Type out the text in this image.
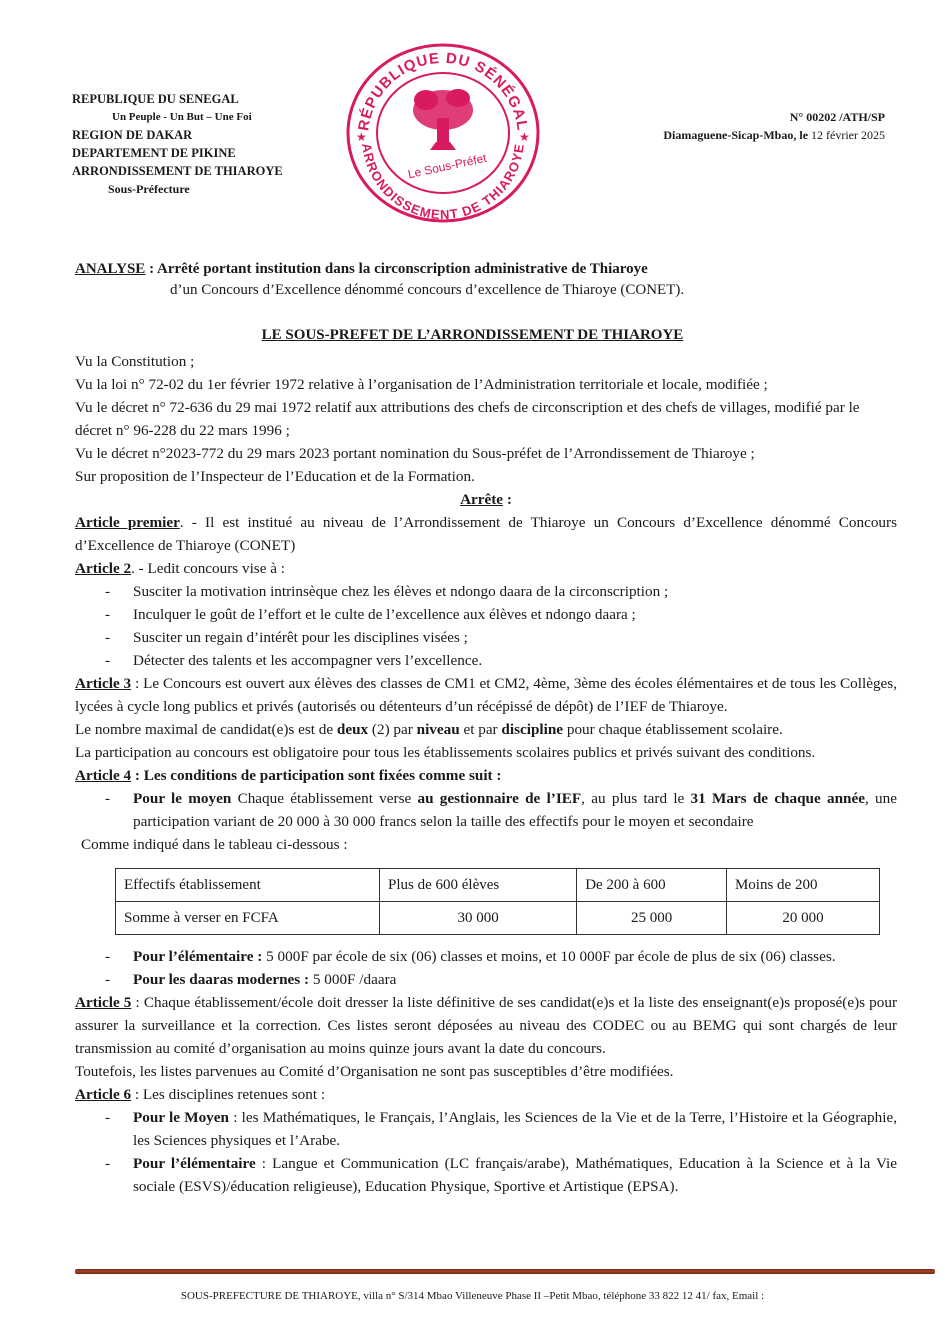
REPUBLIQUE DU SENEGAL
Un Peuple - Un But – Une Foi
REGION DE DAKAR
DEPARTEMENT DE PIKINE
ARRONDISSEMENT DE THIAROYE
Sous-Préfecture
RÉPUBLIQUE DU SÉNÉGAL
ARRONDISSEMENT DE THIAROYE
★	★
Le Sous-Préfet
N° 00202 /ATH/SP
Diamaguene-Sicap-Mbao, le 12 février 2025
ANALYSE : Arrêté portant institution dans la circonscription administrative de Thiaroye
d’un Concours d’Excellence dénommé concours d’excellence de Thiaroye (CONET).
LE SOUS-PREFET DE L’ARRONDISSEMENT DE THIAROYE

Vu la Constitution ;

Vu la loi n° 72-02 du 1er février 1972 relative à l’organisation de l’Administration territoriale et locale, modifiée ;

Vu le décret n° 72-636 du 29 mai 1972 relatif aux attributions des chefs de circonscription et des chefs de villages, modifié par le décret n° 96-228 du 22 mars 1996 ;

Vu le décret n°2023-772 du 29 mars 2023 portant nomination du Sous-préfet de l’Arrondissement de Thiaroye ;

Sur proposition de l’Inspecteur de l’Education et de la Formation.

Arrête :

Article premier. - Il est institué au niveau de l’Arrondissement de Thiaroye un Concours d’Excellence dénommé Concours d’Excellence de Thiaroye (CONET)

Article 2. - Ledit concours vise à :

- Susciter la motivation intrinsèque chez les élèves et ndongo daara de la circonscription ;
- Inculquer le goût de l’effort et le culte de l’excellence aux élèves et ndongo daara ;
- Susciter un regain d’intérêt pour les disciplines visées ;
- Détecter des talents et les accompagner vers l’excellence.

Article 3 : Le Concours est ouvert aux élèves des classes de CM1 et CM2, 4ème, 3ème des écoles élémentaires et de tous les Collèges, lycées à cycle long publics et privés (autorisés ou détenteurs d’un récépissé de dépôt) de l’IEF de Thiaroye.

Le nombre maximal de candidat(e)s est de deux (2) par niveau et par discipline pour chaque établissement scolaire.

La participation au concours est obligatoire pour tous les établissements scolaires publics et privés suivant des conditions.

Article 4 : Les conditions de participation sont fixées comme suit :

- Pour le moyen Chaque établissement verse au gestionnaire de l’IEF, au plus tard le 31 Mars de chaque année, une participation variant de 20 000 à 30 000 francs selon la taille des effectifs pour le moyen et secondaire

Comme indiqué dans le tableau ci-dessous :

Effectifs établissement	Plus de 600 élèves	De 200 à 600	Moins de 200
Somme à verser en FCFA	30 000	25 000	20 000
- Pour l’élémentaire : 5 000F par école de six (06) classes et moins, et 10 000F par école de plus de six (06) classes.
- Pour les daaras modernes : 5 000F /daara

Article 5 : Chaque établissement/école doit dresser la liste définitive de ses candidat(e)s et la liste des enseignant(e)s proposé(e)s pour assurer la surveillance et la correction. Ces listes seront déposées au niveau des CODEC ou au BEMG qui sont chargés de leur transmission au comité d’organisation au moins quinze jours avant la date du concours.

Toutefois, les listes parvenues au Comité d’Organisation ne sont pas susceptibles d’être modifiées.

Article 6 : Les disciplines retenues sont :

- Pour le Moyen : les Mathématiques, le Français, l’Anglais, les Sciences de la Vie et de la Terre, l’Histoire et la Géographie, les Sciences physiques et l’Arabe.
- Pour l’élémentaire : Langue et Communication (LC français/arabe), Mathématiques, Education à la Science et à la Vie sociale (ESVS)/éducation religieuse), Education Physique, Sportive et Artistique (EPSA).
SOUS-PREFECTURE DE THIAROYE, villa n° S/314 Mbao Villeneuve Phase II –Petit Mbao, téléphone 33 822 12 41/ fax, Email :
